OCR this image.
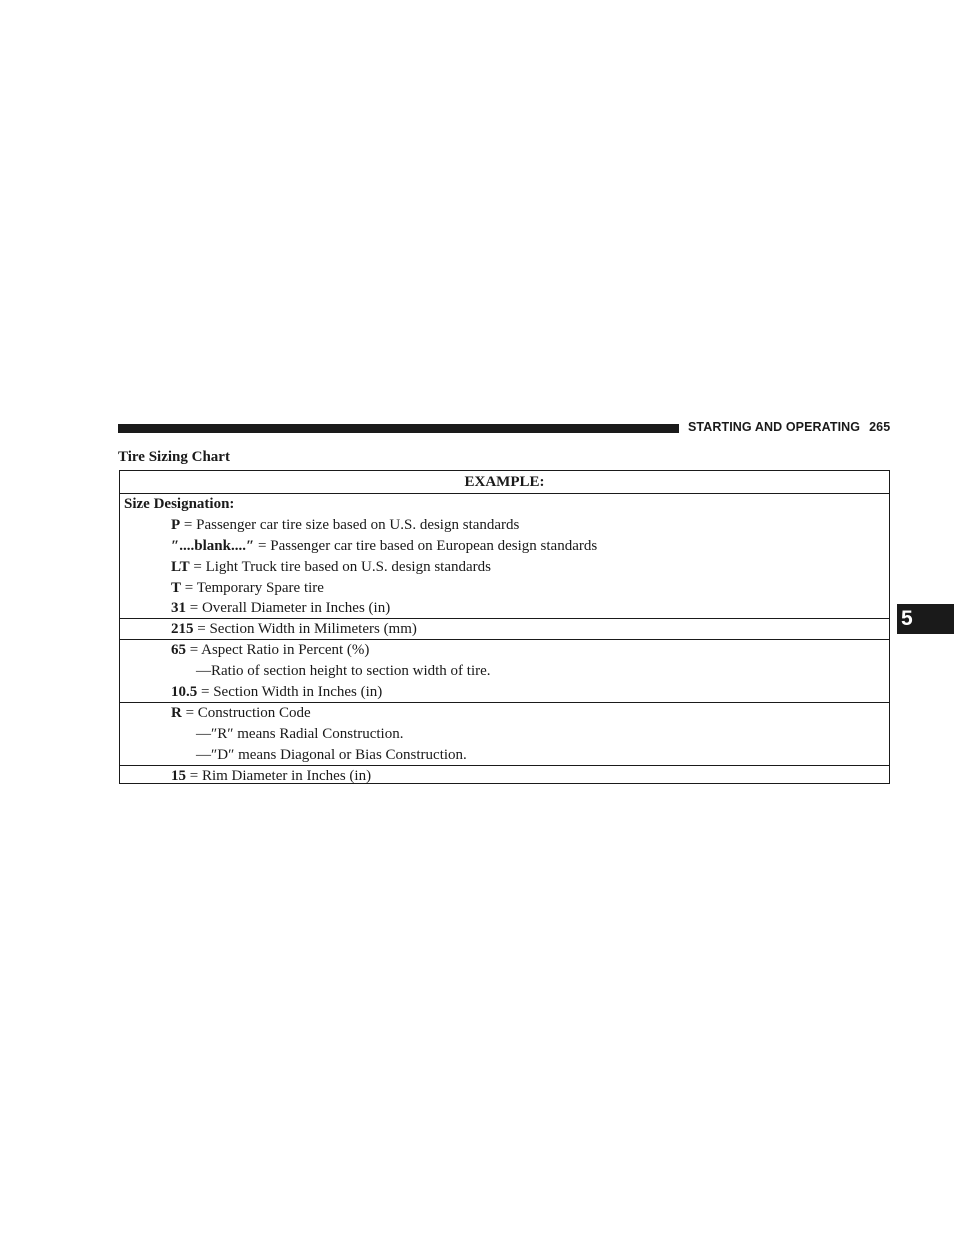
STARTING AND OPERATING 265
Tire Sizing Chart
EXAMPLE:
Size Designation:
P = Passenger car tire size based on U.S. design standards
″....blank....″ = Passenger car tire based on European design standards
LT = Light Truck tire based on U.S. design standards
T = Temporary Spare tire
31 = Overall Diameter in Inches (in)
215 = Section Width in Milimeters (mm)
65 = Aspect Ratio in Percent (%)
—Ratio of section height to section width of tire.
10.5 = Section Width in Inches (in)
R = Construction Code
—″R″ means Radial Construction.
—″D″ means Diagonal or Bias Construction.
15 = Rim Diameter in Inches (in)
5
